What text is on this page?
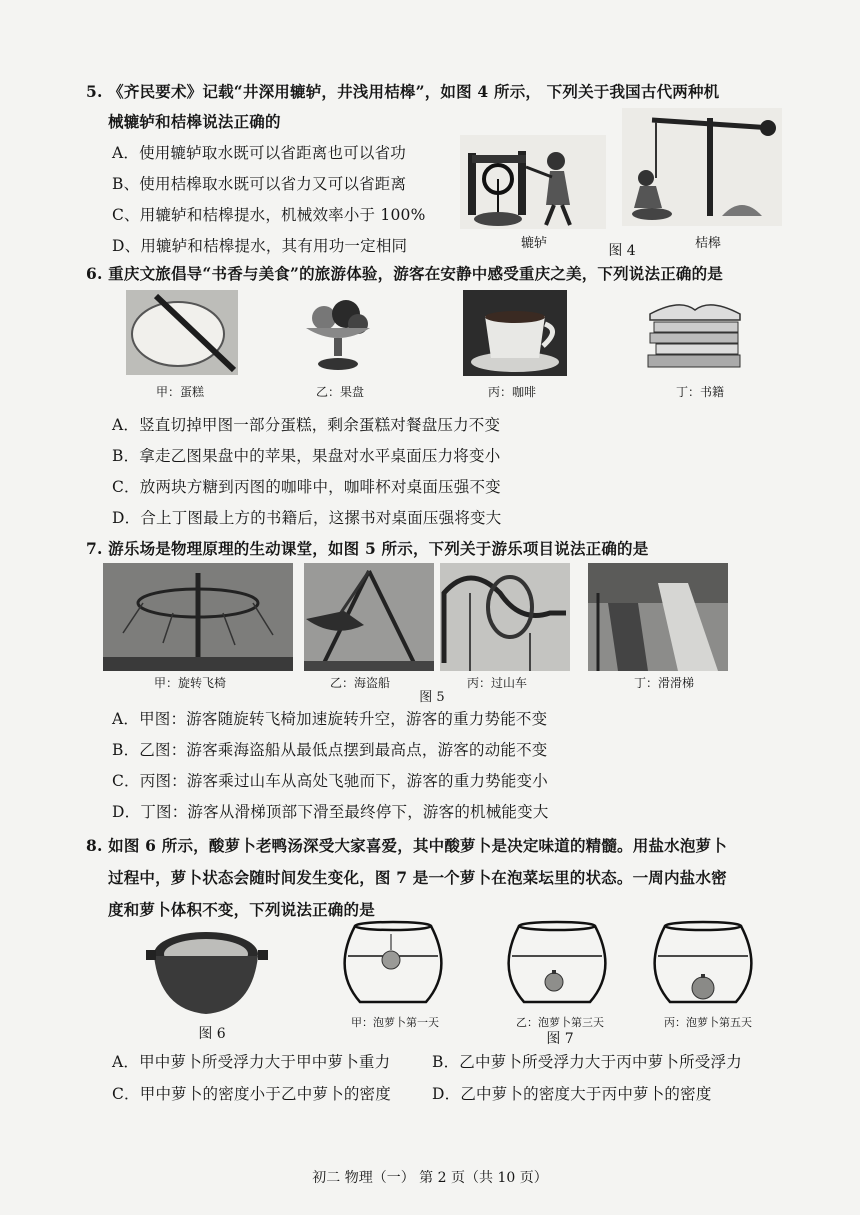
5. 《齐民要术》记载“井深用辘轳，井浅用桔槔”，如图 4 所示， 下列关于我国古代两种机
械辘轳和桔槔说法正确的
A．使用辘轳取水既可以省距离也可以省功
B、使用桔槔取水既可以省力又可以省距离
C、用辘轳和桔槔提水，机械效率小于 100%
D、用辘轳和桔槔提水，其有用功一定相同	辘轳	图 4	桔槔
6. 重庆文旅倡导“书香与美食”的旅游体验，游客在安静中感受重庆之美，下列说法正确的是
甲：蛋糕	乙：果盘	丙：咖啡	丁：书籍
A．竖直切掉甲图一部分蛋糕，剩余蛋糕对餐盘压力不变
B．拿走乙图果盘中的苹果，果盘对水平桌面压力将变小
C．放两块方糖到丙图的咖啡中，咖啡杯对桌面压强不变
D．合上丁图最上方的书籍后，这摞书对桌面压强将变大
7. 游乐场是物理原理的生动课堂，如图 5 所示，下列关于游乐项目说法正确的是
甲：旋转飞椅	乙：海盗船	丙：过山车	丁：滑滑梯
图 5
A．甲图：游客随旋转飞椅加速旋转升空，游客的重力势能不变
B．乙图：游客乘海盗船从最低点摆到最高点，游客的动能不变
C．丙图：游客乘过山车从高处飞驰而下，游客的重力势能变小
D．丁图：游客从滑梯顶部下滑至最终停下，游客的机械能变大
8. 如图 6 所示，酸萝卜老鸭汤深受大家喜爱，其中酸萝卜是决定味道的精髓。用盐水泡萝卜
过程中，萝卜状态会随时间发生变化，图 7 是一个萝卜在泡菜坛里的状态。一周内盐水密
度和萝卜体积不变，下列说法正确的是
图 6
甲：泡萝卜第一天	乙：泡萝卜第三天	丙：泡萝卜第五天
图 7
A．甲中萝卜所受浮力大于甲中萝卜重力	B．乙中萝卜所受浮力大于丙中萝卜所受浮力
C．甲中萝卜的密度小于乙中萝卜的密度	D．乙中萝卜的密度大于丙中萝卜的密度
初二 物理（一） 第 2 页（共 10 页）
